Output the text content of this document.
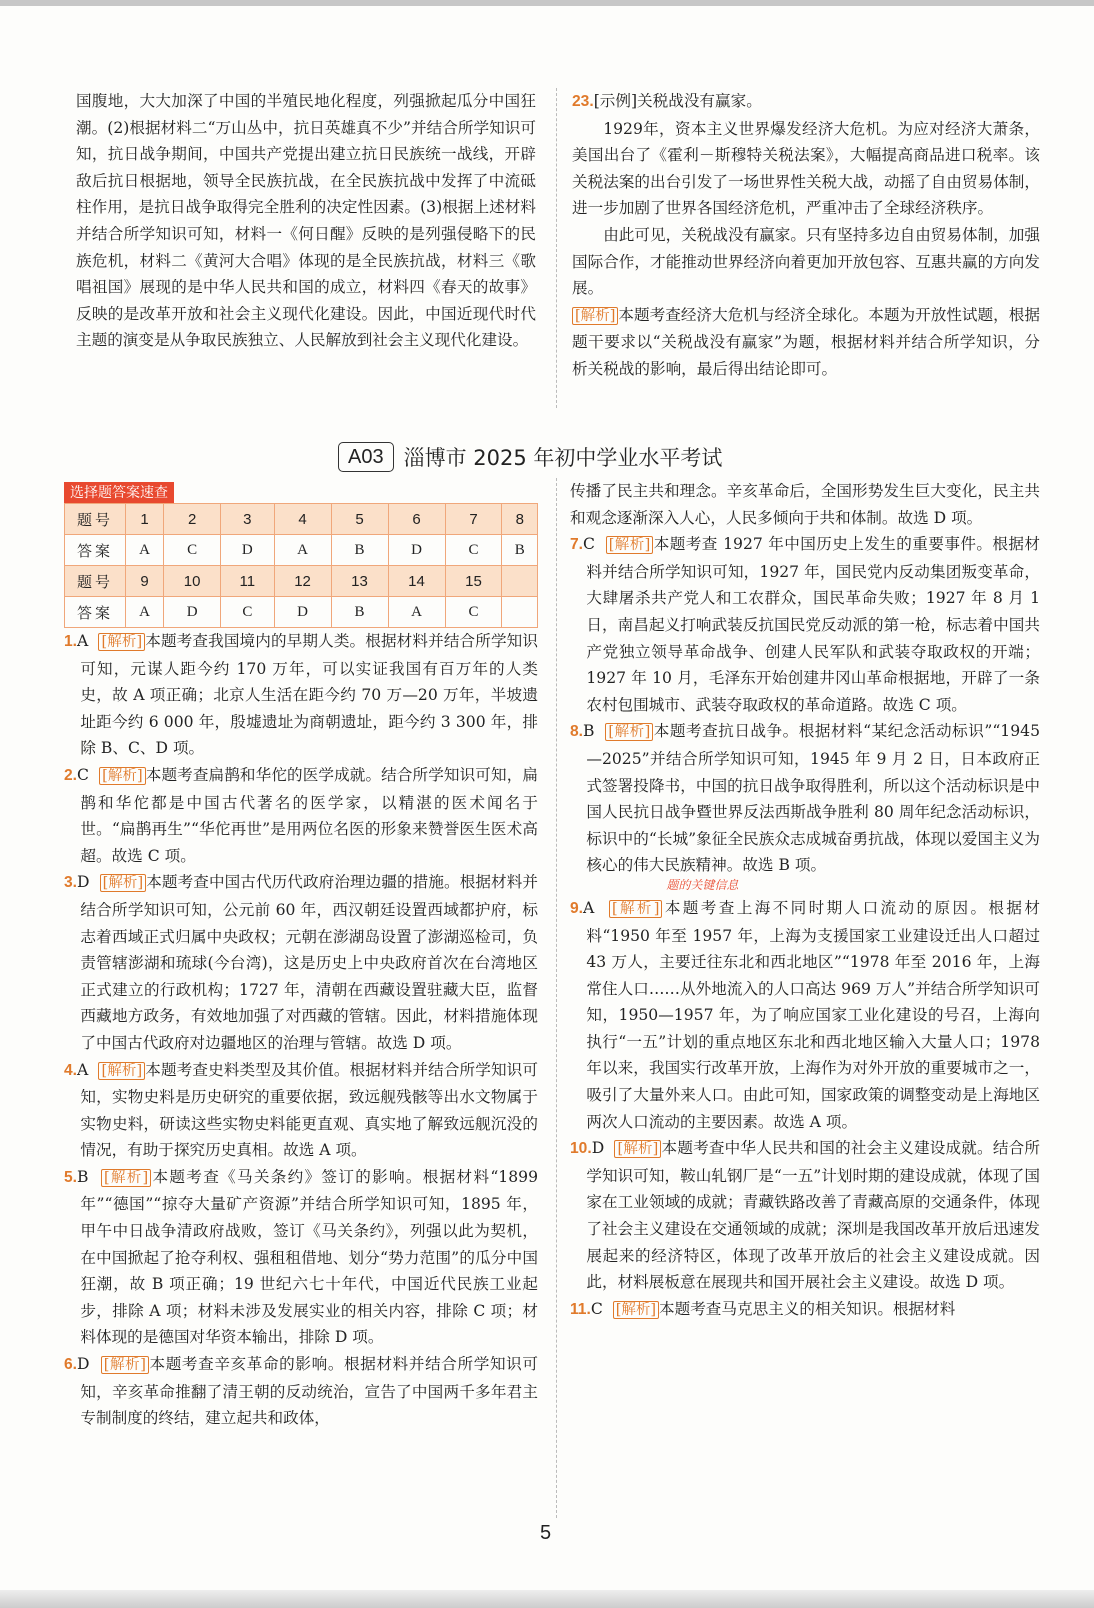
国腹地，大大加深了中国的半殖民地化程度，列强掀起瓜分中国狂潮。(2)根据材料二“万山丛中，抗日英雄真不少”并结合所学知识可知，抗日战争期间，中国共产党提出建立抗日民族统一战线，开辟敌后抗日根据地，领导全民族抗战，在全民族抗战中发挥了中流砥柱作用，是抗日战争取得完全胜利的决定性因素。(3)根据上述材料并结合所学知识可知，材料一《何日醒》反映的是列强侵略下的民族危机，材料二《黄河大合唱》体现的是全民族抗战，材料三《歌唱祖国》展现的是中华人民共和国的成立，材料四《春天的故事》反映的是改革开放和社会主义现代化建设。因此，中国近现代时代主题的演变是从争取民族独立、人民解放到社会主义现代化建设。

23.[示例]关税战没有赢家。

1929年，资本主义世界爆发经济大危机。为应对经济大萧条，美国出台了《霍利－斯穆特关税法案》，大幅提高商品进口税率。该关税法案的出台引发了一场世界性关税大战，动摇了自由贸易体制，进一步加剧了世界各国经济危机，严重冲击了全球经济秩序。

由此可见，关税战没有赢家。只有坚持多边自由贸易体制，加强国际合作，才能推动世界经济向着更加开放包容、互惠共赢的方向发展。

[解析] 本题考查经济大危机与经济全球化。本题为开放性试题，根据题干要求以“关税战没有赢家”为题，根据材料并结合所学知识，分析关税战的影响，最后得出结论即可。

A03 淄博市 2025 年初中学业水平考试
选择题答案速查
题号	1	2	3	4	5	6	7	8
答案	A	C	D	A	B	D	C	B
题号	9	10	11	12	13	14	15	
答案	A	D	C	D	B	A	C	

1.A [解析] 本题考查我国境内的早期人类。根据材料并结合所学知识可知，元谋人距今约 170 万年，可以实证我国有百万年的人类史，故 A 项正确；北京人生活在距今约 70 万—20 万年，半坡遗址距今约 6 000 年，殷墟遗址为商朝遗址，距今约 3 300 年，排除 B、C、D 项。

2.C [解析] 本题考查扁鹊和华佗的医学成就。结合所学知识可知，扁鹊和华佗都是中国古代著名的医学家，以精湛的医术闻名于世。“扁鹊再生”“华佗再世”是用两位名医的形象来赞誉医生医术高超。故选 C 项。

3.D [解析] 本题考查中国古代历代政府治理边疆的措施。根据材料并结合所学知识可知，公元前 60 年，西汉朝廷设置西域都护府，标志着西域正式归属中央政权；元朝在澎湖岛设置了澎湖巡检司，负责管辖澎湖和琉球(今台湾)，这是历史上中央政府首次在台湾地区正式建立的行政机构；1727 年，清朝在西藏设置驻藏大臣，监督西藏地方政务，有效地加强了对西藏的管辖。因此，材料措施体现了中国古代政府对边疆地区的治理与管辖。故选 D 项。

4.A [解析] 本题考查史料类型及其价值。根据材料并结合所学知识可知，实物史料是历史研究的重要依据，致远舰残骸等出水文物属于实物史料，研读这些实物史料能更直观、真实地了解致远舰沉没的情况，有助于探究历史真相。故选 A 项。

5.B [解析] 本题考查《马关条约》签订的影响。根据材料“1899 年”“德国”“掠夺大量矿产资源”并结合所学知识可知，1895 年，甲午中日战争清政府战败，签订《马关条约》，列强以此为契机，在中国掀起了抢夺利权、强租租借地、划分“势力范围”的瓜分中国狂潮，故 B 项正确；19 世纪六七十年代，中国近代民族工业起步，排除 A 项；材料未涉及发展实业的相关内容，排除 C 项；材料体现的是德国对华资本输出，排除 D 项。

6.D [解析] 本题考查辛亥革命的影响。根据材料并结合所学知识可知，辛亥革命推翻了清王朝的反动统治，宣告了中国两千多年君主专制制度的终结，建立起共和政体，

传播了民主共和理念。辛亥革命后，全国形势发生巨大变化，民主共和观念逐渐深入人心，人民多倾向于共和体制。故选 D 项。

7.C [解析] 本题考查 1927 年中国历史上发生的重要事件。根据材料并结合所学知识可知，1927 年，国民党内反动集团叛变革命，大肆屠杀共产党人和工农群众，国民革命失败；1927 年 8 月 1 日，南昌起义打响武装反抗国民党反动派的第一枪，标志着中国共产党独立领导革命战争、创建人民军队和武装夺取政权的开端；1927 年 10 月，毛泽东开始创建井冈山革命根据地，开辟了一条农村包围城市、武装夺取政权的革命道路。故选 C 项。

8.B [解析] 本题考查抗日战争。根据材料“某纪念活动标识”“1945—2025”并结合所学知识可知，1945 年 9 月 2 日，日本政府正式签署投降书，中国的抗日战争取得胜利，所以这个活动标识是中国人民抗日战争暨世界反法西斯战争胜利 80 周年纪念活动标识，标识中的“长城”象征全民族众志成城奋勇抗战，体现以爱国主义为核心的伟大民族精神。故选 B 项。
题的关键信息

9.A [解析] 本题考查上海不同时期人口流动的原因。根据材料“1950 年至 1957 年，上海为支援国家工业建设迁出人口超过 43 万人，主要迁往东北和西北地区”“1978 年至 2016 年，上海常住人口……从外地流入的人口高达 969 万人”并结合所学知识可知，1950—1957 年，为了响应国家工业化建设的号召，上海向执行“一五”计划的重点地区东北和西北地区输入大量人口；1978 年以来，我国实行改革开放，上海作为对外开放的重要城市之一，吸引了大量外来人口。由此可知，国家政策的调整变动是上海地区两次人口流动的主要因素。故选 A 项。

10.D [解析] 本题考查中华人民共和国的社会主义建设成就。结合所学知识可知，鞍山轧钢厂是“一五”计划时期的建设成就，体现了国家在工业领域的成就；青藏铁路改善了青藏高原的交通条件，体现了社会主义建设在交通领域的成就；深圳是我国改革开放后迅速发展起来的经济特区，体现了改革开放后的社会主义建设成就。因此，材料展板意在展现共和国开展社会主义建设。故选 D 项。

11.C [解析] 本题考查马克思主义的相关知识。根据材料

5
